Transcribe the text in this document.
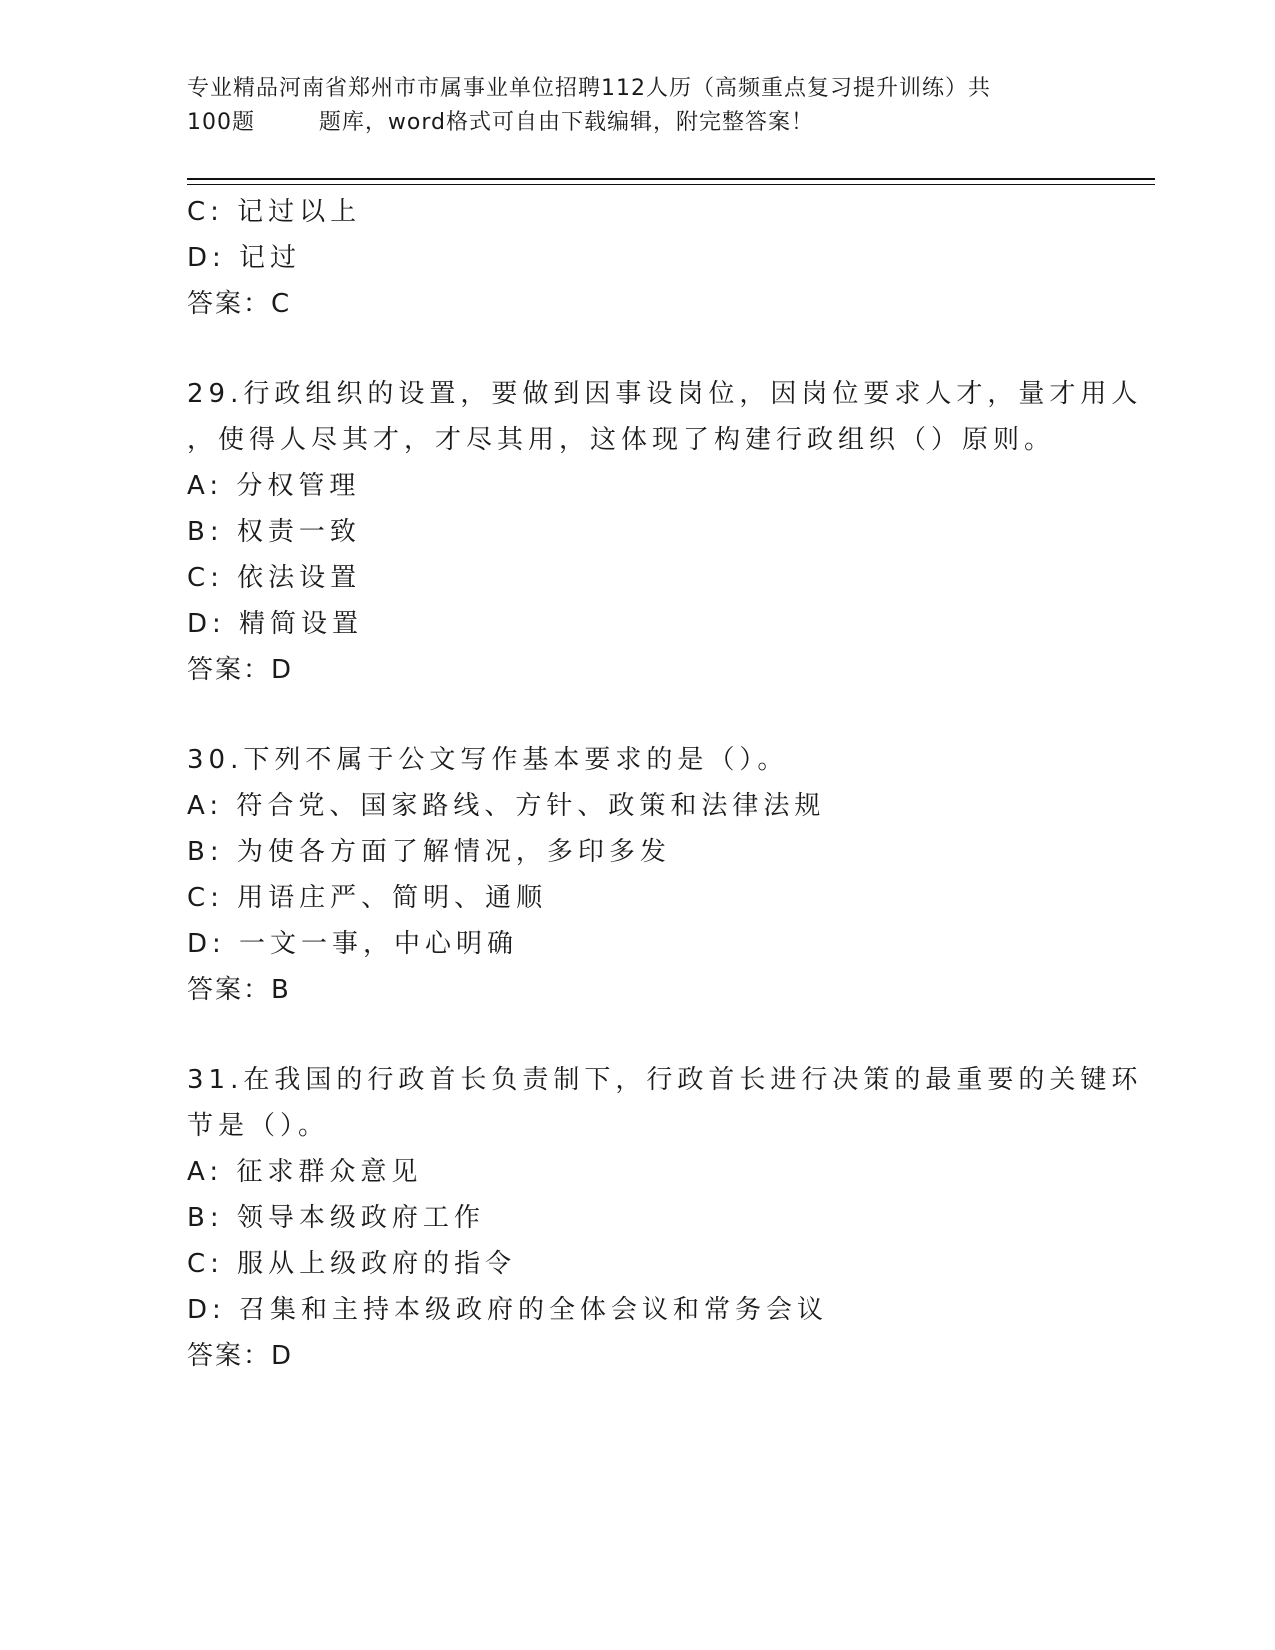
专业精品河南省郑州市市属事业单位招聘112人历（高频重点复习提升训练）共
100题        题库，word格式可自由下载编辑，附完整答案！
C: 记过以上
D: 记过
答案：C
29.行政组织的设置，要做到因事设岗位，因岗位要求人才，量才用人
，使得人尽其才，才尽其用，这体现了构建行政组织（）原则。
A: 分权管理
B: 权责一致
C: 依法设置
D: 精简设置
答案：D
30.下列不属于公文写作基本要求的是（）。
A: 符合党、国家路线、方针、政策和法律法规
B: 为使各方面了解情况，多印多发
C: 用语庄严、简明、通顺
D: 一文一事，中心明确
答案：B
31.在我国的行政首长负责制下，行政首长进行决策的最重要的关键环
节是（）。
A: 征求群众意见
B: 领导本级政府工作
C: 服从上级政府的指令
D: 召集和主持本级政府的全体会议和常务会议
答案：D
